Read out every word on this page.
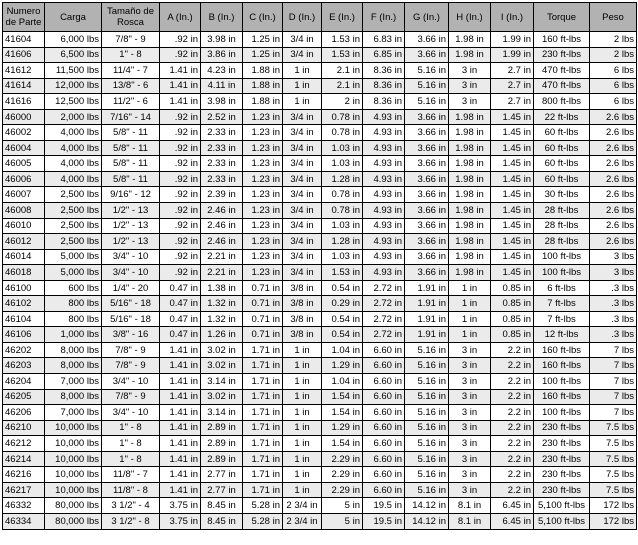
Numero de Parte	Carga	Tamaño de Rosca	A (In.)	B (In.)	C (In.)	D (In.)	E (In.)	F (In.)	G (In.)	H (In.)	I (In.)	Torque	Peso
41604	6,000 lbs	7/8" - 9	.92 in	3.98 in	1.25 in	3/4 in	1.53 in	6.83 in	3.66 in	1.98 in	1.99 in	160 ft-lbs	2 lbs
41606	6,500 lbs	1" - 8	.92 in	3.86 in	1.25 in	3/4 in	1.53 in	6.85 in	3.66 in	1.98 in	1.99 in	230 ft-lbs	2 lbs
41612	11,500 lbs	11/4" - 7	1.41 in	4.23 in	1.88 in	1 in	2.1 in	8.36 in	5.16 in	3 in	2.7 in	470 ft-lbs	6 lbs
41614	12,000 lbs	13/8" - 6	1.41 in	4.11 in	1.88 in	1 in	2.1 in	8.36 in	5.16 in	3 in	2.7 in	470 ft-lbs	6 lbs
41616	12,500 lbs	11/2" - 6	1.41 in	3.98 in	1.88 in	1 in	2 in	8.36 in	5.16 in	3 in	2.7 in	800 ft-lbs	6 lbs
46000	2,000 lbs	7/16" - 14	.92 in	2.52 in	1.23 in	3/4 in	0.78 in	4.93 in	3.66 in	1.98 in	1.45 in	22 ft-lbs	2.6 lbs
46002	4,000 lbs	5/8" - 11	.92 in	2.33 in	1.23 in	3/4 in	0.78 in	4.93 in	3.66 in	1.98 in	1.45 in	60 ft-lbs	2.6 lbs
46004	4,000 lbs	5/8" - 11	.92 in	2.33 in	1.23 in	3/4 in	1.03 in	4.93 in	3.66 in	1.98 in	1.45 in	60 ft-lbs	2.6 lbs
46005	4,000 lbs	5/8" - 11	.92 in	2.33 in	1.23 in	3/4 in	1.03 in	4.93 in	3.66 in	1.98 in	1.45 in	60 ft-lbs	2.6 lbs
46006	4,000 lbs	5/8" - 11	.92 in	2.33 in	1.23 in	3/4 in	1.28 in	4.93 in	3.66 in	1.98 in	1.45 in	60 ft-lbs	2.6 lbs
46007	2,500 lbs	9/16" - 12	.92 in	2.39 in	1.23 in	3/4 in	0.78 in	4.93 in	3.66 in	1.98 in	1.45 in	30 ft-lbs	2.6 lbs
46008	2,500 lbs	1/2" - 13	.92 in	2.46 in	1.23 in	3/4 in	0.78 in	4.93 in	3.66 in	1.98 in	1.45 in	28 ft-lbs	2.6 lbs
46010	2,500 lbs	1/2" - 13	.92 in	2.46 in	1.23 in	3/4 in	1.03 in	4.93 in	3.66 in	1.98 in	1.45 in	28 ft-lbs	2.6 lbs
46012	2,500 lbs	1/2" - 13	.92 in	2.46 in	1.23 in	3/4 in	1.28 in	4.93 in	3.66 in	1.98 in	1.45 in	28 ft-lbs	2.6 lbs
46014	5,000 lbs	3/4" - 10	.92 in	2.21 in	1.23 in	3/4 in	1.03 in	4.93 in	3.66 in	1.98 in	1.45 in	100 ft-lbs	3 lbs
46018	5,000 lbs	3/4" - 10	.92 in	2.21 in	1.23 in	3/4 in	1.53 in	4.93 in	3.66 in	1.98 in	1.45 in	100 ft-lbs	3 lbs
46100	600 lbs	1/4" - 20	0.47 in	1.38 in	0.71 in	3/8 in	0.54 in	2.72 in	1.91 in	1 in	0.85 in	6 ft-lbs	.3 lbs
46102	800 lbs	5/16" - 18	0.47 in	1.32 in	0.71 in	3/8 in	0.29 in	2.72 in	1.91 in	1 in	0.85 in	7 ft-lbs	.3 lbs
46104	800 lbs	5/16" - 18	0.47 in	1.32 in	0.71 in	3/8 in	0.54 in	2.72 in	1.91 in	1 in	0.85 in	7 ft-lbs	.3 lbs
46106	1,000 lbs	3/8" - 16	0.47 in	1.26 in	0.71 in	3/8 in	0.54 in	2.72 in	1.91 in	1 in	0.85 in	12 ft-lbs	.3 lbs
46202	8,000 lbs	7/8" - 9	1.41 in	3.02 in	1.71 in	1 in	1.04 in	6.60 in	5.16 in	3 in	2.2 in	160 ft-lbs	7 lbs
46203	8,000 lbs	7/8" - 9	1.41 in	3.02 in	1.71 in	1 in	1.29 in	6.60 in	5.16 in	3 in	2.2 in	160 ft-lbs	7 lbs
46204	7,000 lbs	3/4" - 10	1.41 in	3.14 in	1.71 in	1 in	1.04 in	6.60 in	5.16 in	3 in	2.2 in	100 ft-lbs	7 lbs
46205	8,000 lbs	7/8" - 9	1.41 in	3.02 in	1.71 in	1 in	1.54 in	6.60 in	5.16 in	3 in	2.2 in	160 ft-lbs	7 lbs
46206	7,000 lbs	3/4" - 10	1.41 in	3.14 in	1.71 in	1 in	1.54 in	6.60 in	5.16 in	3 in	2.2 in	100 ft-lbs	7 lbs
46210	10,000 lbs	1" - 8	1.41 in	2.89 in	1.71 in	1 in	1.29 in	6.60 in	5.16 in	3 in	2.2 in	230 ft-lbs	7.5 lbs
46212	10,000 lbs	1" - 8	1.41 in	2.89 in	1.71 in	1 in	1.54 in	6.60 in	5.16 in	3 in	2.2 in	230 ft-lbs	7.5 lbs
46214	10,000 lbs	1" - 8	1.41 in	2.89 in	1.71 in	1 in	2.29 in	6.60 in	5.16 in	3 in	2.2 in	230 ft-lbs	7.5 lbs
46216	10,000 lbs	11/8" - 7	1.41 in	2.77 in	1.71 in	1 in	2.29 in	6.60 in	5.16 in	3 in	2.2 in	230 ft-lbs	7.5 lbs
46217	10,000 lbs	11/8" - 8	1.41 in	2.77 in	1.71 in	1 in	2.29 in	6.60 in	5.16 in	3 in	2.2 in	230 ft-lbs	7.5 lbs
46332	80,000 lbs	3 1/2" - 4	3.75 in	8.45 in	5.28 in	2 3/4 in	5 in	19.5 in	14.12 in	8.1 in	6.45 in	5,100 ft-lbs	172 lbs
46334	80,000 lbs	3 1/2" - 8	3.75 in	8.45 in	5.28 in	2 3/4 in	5 in	19.5 in	14.12 in	8.1 in	6.45 in	5,100 ft-lbs	172 lbs
